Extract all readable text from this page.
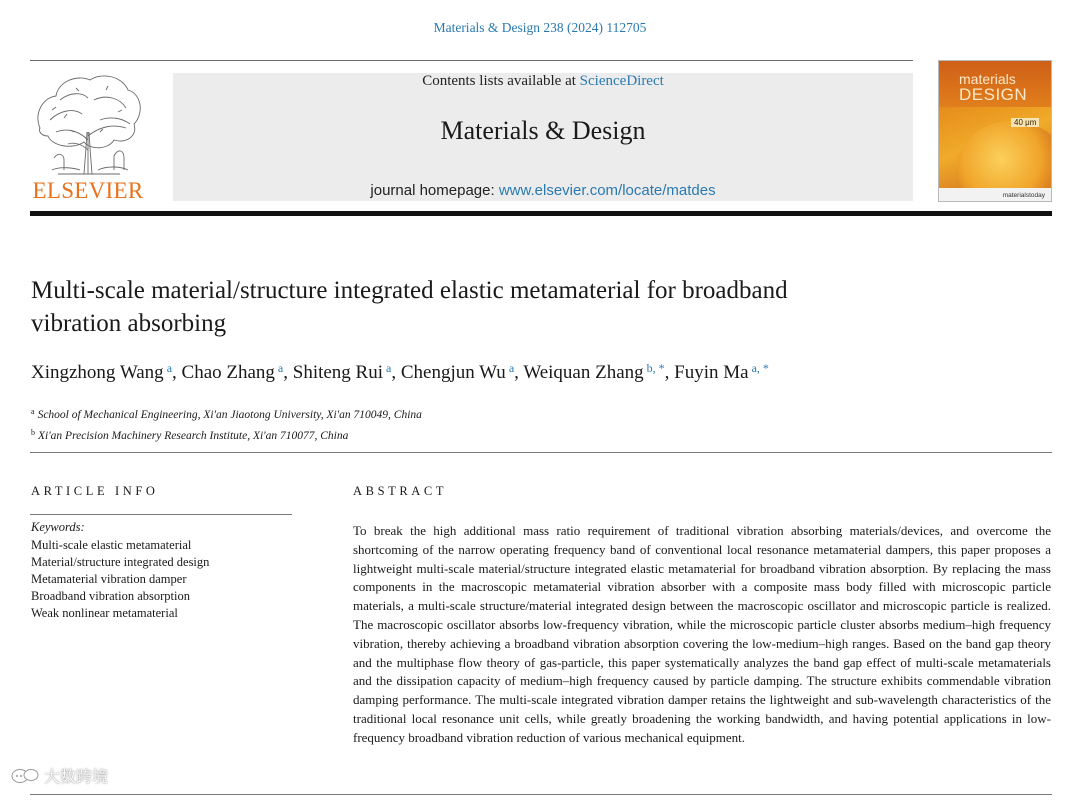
Materials & Design 238 (2024) 112705
ELSEVIER
Contents lists available at ScienceDirect
Materials & Design
journal homepage: www.elsevier.com/locate/matdes
materials
DESIGN
40 μm
materialstoday
Multi-scale material/structure integrated elastic metamaterial for broadband vibration absorbing
Xingzhong Wang $^a$, Chao Zhang $^a$, Shiteng Rui $^a$, Chengjun Wu $^a$, Weiquan Zhang $^{b, *}$, Fuyin Ma $^{a, *}$
$^a$ School of Mechanical Engineering, Xi'an Jiaotong University, Xi'an 710049, China
$^b$ Xi'an Precision Machinery Research Institute, Xi'an 710077, China
ARTICLE INFO
Keywords:
Multi-scale elastic metamaterial
Material/structure integrated design
Metamaterial vibration damper
Broadband vibration absorption
Weak nonlinear metamaterial
ABSTRACT
To break the high additional mass ratio requirement of traditional vibration absorbing materials/devices, and overcome the shortcoming of the narrow operating frequency band of conventional local resonance metamaterial dampers, this paper proposes a lightweight multi-scale material/structure integrated elastic metamaterial for broadband vibration absorption. By replacing the mass components in the macroscopic metamaterial vibration absorber with a composite mass body filled with microscopic particle materials, a multi-scale structure/material integrated design between the macroscopic oscillator and microscopic particle is realized. The macroscopic oscillator absorbs low-frequency vibration, while the microscopic particle cluster absorbs medium–high frequency vibration, thereby achieving a broadband vibration absorption covering the low-medium–high ranges. Based on the band gap theory and the multiphase flow theory of gas-particle, this paper systematically analyzes the band gap effect of multi-scale metamaterials and the dissipation capacity of medium–high frequency caused by particle damping. The structure exhibits commendable vibration damping performance. The multi-scale integrated vibration damper retains the lightweight and sub-wavelength characteristics of the traditional local resonance unit cells, while greatly broadening the working bandwidth, and having potential applications in low-frequency broadband vibration reduction of various mechanical equipment.
大数跨境
